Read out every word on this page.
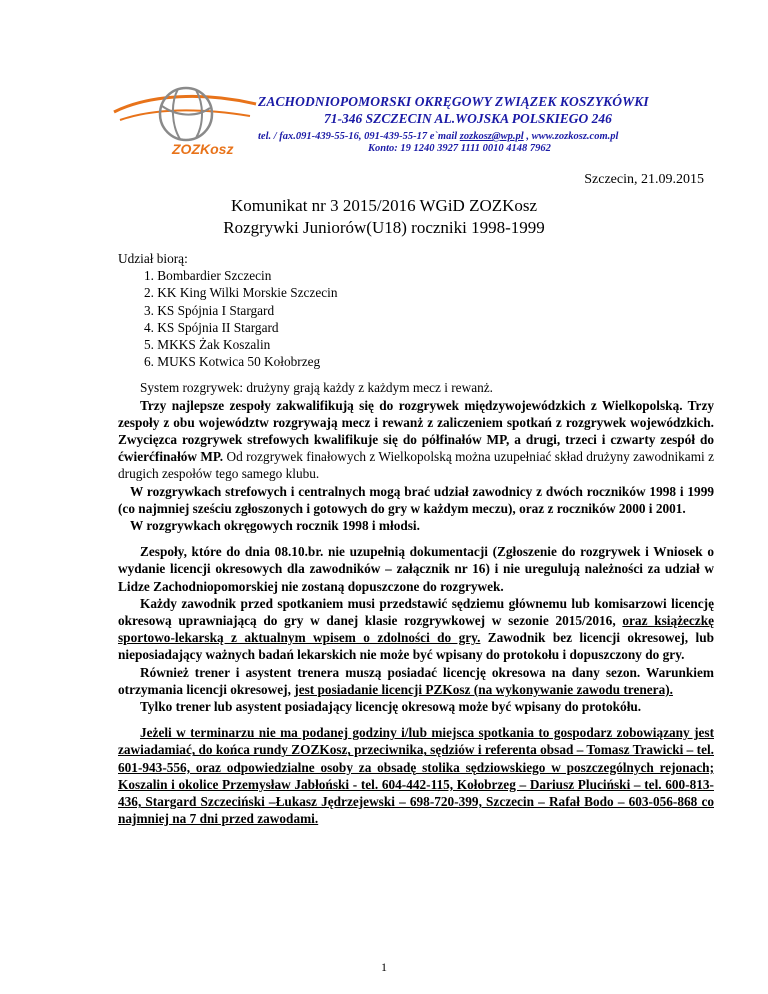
ZOZKosz
ZACHODNIOPOMORSKI OKRĘGOWY ZWIĄZEK KOSZYKÓWKI
71-346 SZCZECIN AL.WOJSKA POLSKIEGO 246
tel. / fax.091-439-55-16, 091-439-55-17 e`mail zozkosz@wp.pl , www.zozkosz.com.pl
Konto: 19 1240 3927 1111 0010 4148 7962
Szczecin, 21.09.2015
Komunikat nr 3 2015/2016 WGiD ZOZKosz
Rozgrywki Juniorów(U18) roczniki 1998-1999

Udział biorą:

1. Bombardier Szczecin
2. KK King Wilki Morskie Szczecin
3. KS Spójnia I Stargard
4. KS Spójnia II Stargard
5. MKKS Żak Koszalin
6. MUKS Kotwica 50 Kołobrzeg

System rozgrywek: drużyny grają każdy z każdym mecz i rewanż.

Trzy najlepsze zespoły zakwalifikują się do rozgrywek międzywojewódzkich z Wielkopolską. Trzy zespoły z obu województw rozgrywają mecz i rewanż z zaliczeniem spotkań z rozgrywek wojewódzkich. Zwycięzca rozgrywek strefowych kwalifikuje się do półfinałów MP, a drugi, trzeci i czwarty zespół do ćwierćfinałów MP. Od rozgrywek finałowych z Wielkopolską można uzupełniać skład drużyny zawodnikami z drugich zespołów tego samego klubu.

W rozgrywkach strefowych i centralnych mogą brać udział zawodnicy z dwóch roczników 1998 i 1999 (co najmniej sześciu zgłoszonych i gotowych do gry w każdym meczu), oraz z roczników 2000 i 2001.

W rozgrywkach okręgowych rocznik 1998 i młodsi.

Zespoły, które do dnia 08.10.br. nie uzupełnią dokumentacji (Zgłoszenie do rozgrywek i Wniosek o wydanie licencji okresowych dla zawodników – załącznik nr 16) i nie uregulują należności za udział w Lidze Zachodniopomorskiej nie zostaną dopuszczone do rozgrywek.

Każdy zawodnik przed spotkaniem musi przedstawić sędziemu głównemu lub komisarzowi licencję okresową uprawniającą do gry w danej klasie rozgrywkowej w sezonie 2015/2016, oraz książeczkę sportowo-lekarską z aktualnym wpisem o zdolności do gry. Zawodnik bez licencji okresowej, lub nieposiadający ważnych badań lekarskich nie może być wpisany do protokołu i dopuszczony do gry.

Również trener i asystent trenera muszą posiadać licencję okresowa na dany sezon. Warunkiem otrzymania licencji okresowej, jest posiadanie licencji PZKosz (na wykonywanie zawodu trenera).

Tylko trener lub asystent posiadający licencję okresową może być wpisany do protokółu.

Jeżeli w terminarzu nie ma podanej godziny i/lub miejsca spotkania to gospodarz zobowiązany jest zawiadamiać, do końca rundy ZOZKosz, przeciwnika, sędziów i referenta obsad – Tomasz Trawicki – tel. 601-943-556, oraz odpowiedzialne osoby za obsadę stolika sędziowskiego w poszczególnych rejonach; Koszalin i okolice Przemysław Jabłoński - tel. 604-442-115, Kołobrzeg – Dariusz Pluciński – tel. 600-813-436, Stargard Szczeciński –Łukasz Jędrzejewski – 698-720-399, Szczecin – Rafał Bodo – 603-056-868 co najmniej na 7 dni przed zawodami.

1
